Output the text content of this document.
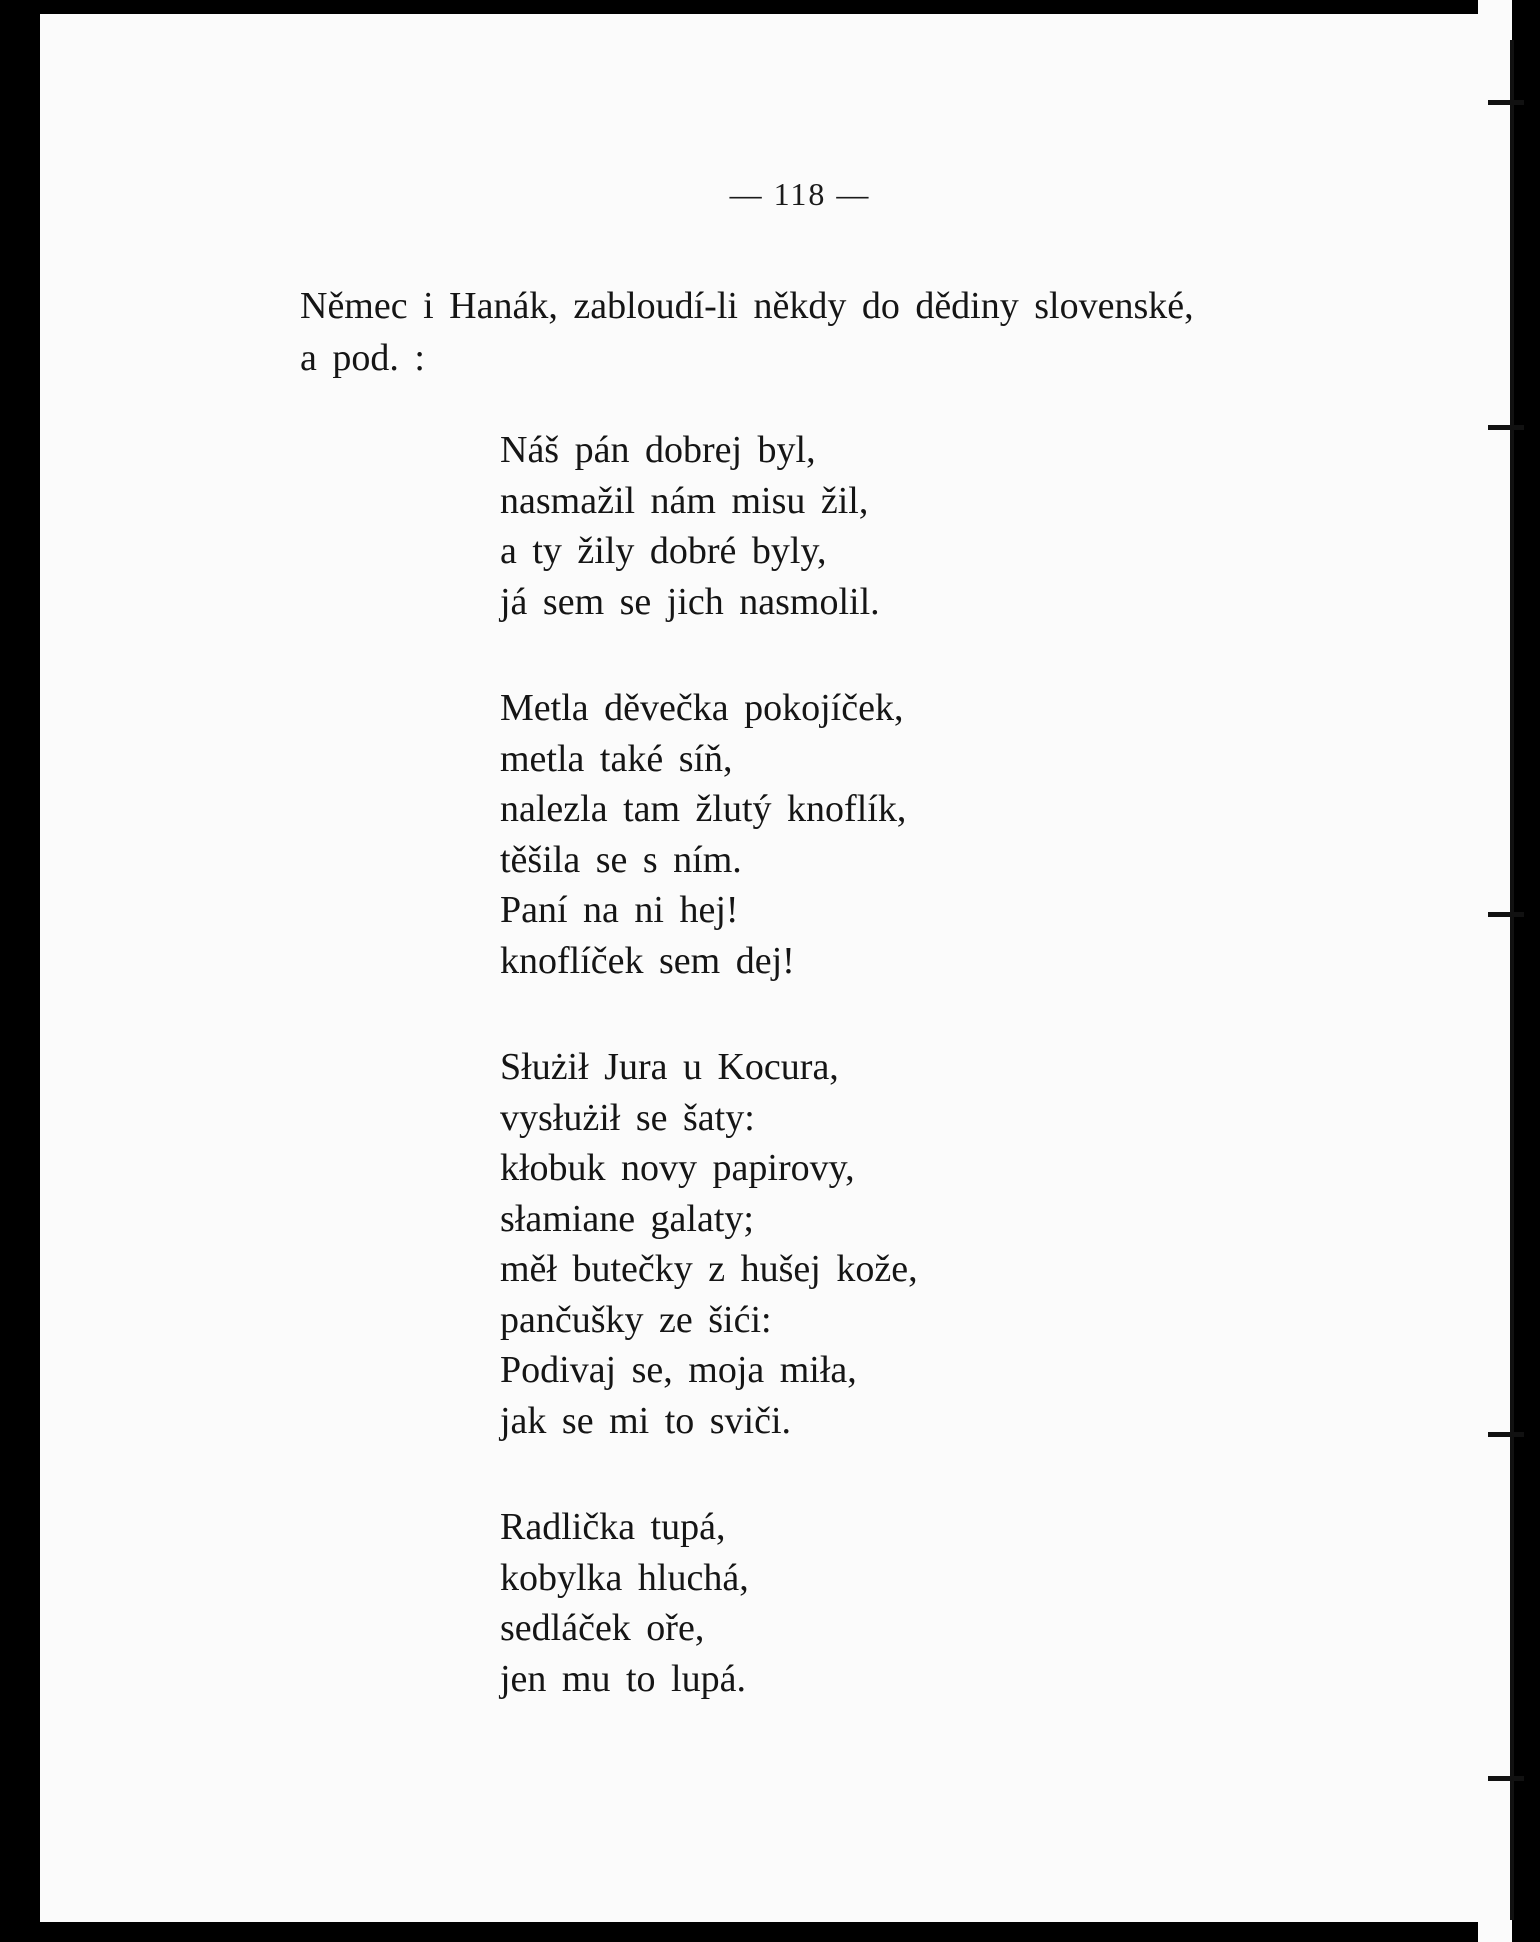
— 118 —
Němec i Hanák, zabloudí-li někdy do dědiny slovenské,
a pod. :
Náš pán dobrej byl,
nasmažil nám misu žil,
a ty žily dobré byly,
já sem se jich nasmolil.
Metla děvečka pokojíček,
metla také síň,
nalezla tam žlutý knoflík,
těšila se s ním.
Paní na ni hej!
knoflíček sem dej!
Służił Jura u Kocura,
vysłużił se šaty:
kłobuk novy papirovy,
słamiane galaty;
měł butečky z hušej kože,
pančušky ze šići:
Podivaj se, moja miła,
jak se mi to sviči.
Radlička tupá,
kobylka hluchá,
sedláček oře,
jen mu to lupá.
